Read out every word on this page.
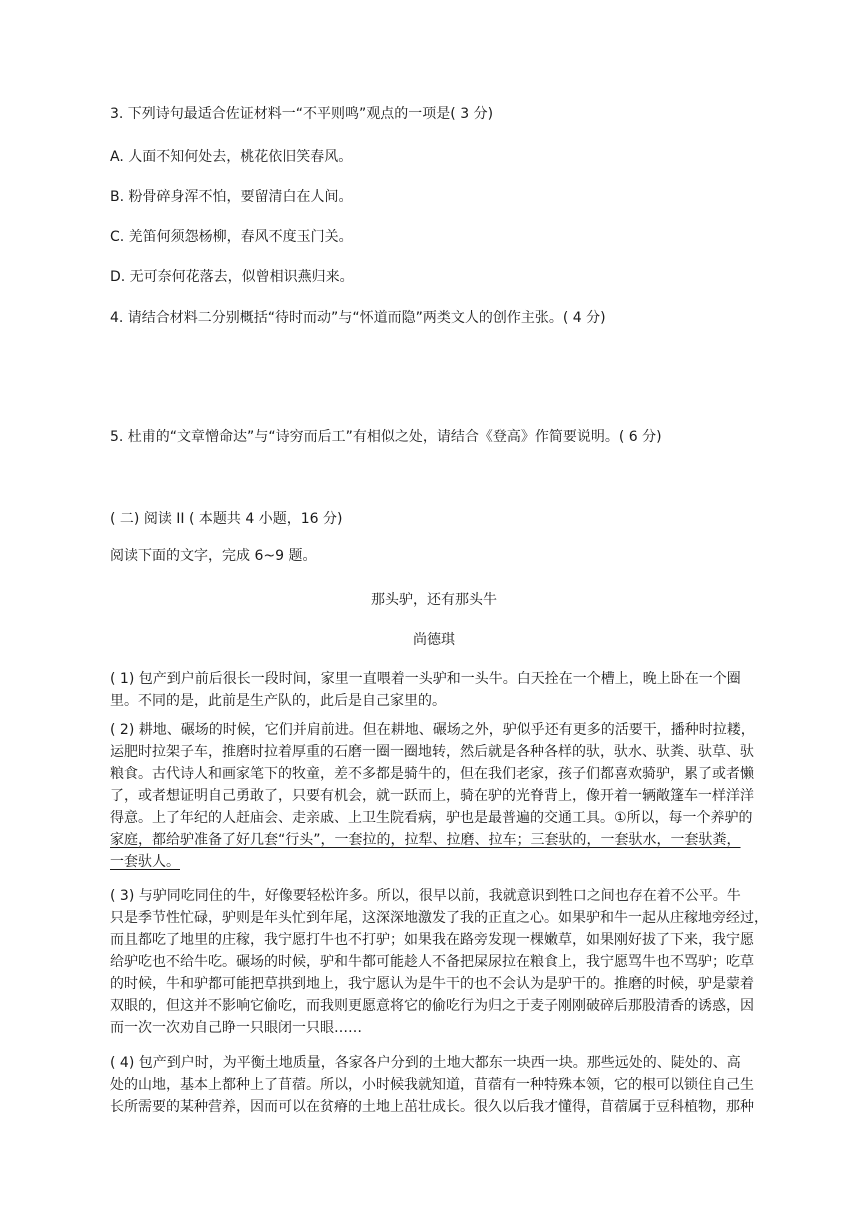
3. 下列诗句最适合佐证材料一“不平则鸣”观点的一项是( 3 分)
A. 人面不知何处去，桃花依旧笑春风。
B. 粉骨碎身浑不怕，要留清白在人间。
C. 羌笛何须怨杨柳，春风不度玉门关。
D. 无可奈何花落去，似曾相识燕归来。
4. 请结合材料二分别概括“待时而动”与“怀道而隐”两类文人的创作主张。( 4 分)
5. 杜甫的“文章憎命达”与“诗穷而后工”有相似之处，请结合《登高》作简要说明。( 6 分)
( 二) 阅读 II ( 本题共 4 小题，16 分)
阅读下面的文字，完成 6~9 题。
那头驴，还有那头牛
尚德琪
( 1) 包产到户前后很长一段时间，家里一直喂着一头驴和一头牛。白天拴在一个槽上，晚上卧在一个圈
里。不同的是，此前是生产队的，此后是自己家里的。
( 2) 耕地、碾场的时候，它们并肩前进。但在耕地、碾场之外，驴似乎还有更多的活要干，播种时拉耧，
运肥时拉架子车，推磨时拉着厚重的石磨一圈一圈地转，然后就是各种各样的驮，驮水、驮粪、驮草、驮
粮食。古代诗人和画家笔下的牧童，差不多都是骑牛的，但在我们老家，孩子们都喜欢骑驴，累了或者懒
了，或者想证明自己勇敢了，只要有机会，就一跃而上，骑在驴的光脊背上，像开着一辆敞篷车一样洋洋
得意。上了年纪的人赶庙会、走亲戚、上卫生院看病，驴也是最普遍的交通工具。①所以，每一个养驴的
家庭，都给驴准备了好几套“行头”，一套拉的，拉犁、拉磨、拉车；三套驮的，一套驮水，一套驮粪，
一套驮人。
( 3) 与驴同吃同住的牛，好像要轻松许多。所以，很早以前，我就意识到牲口之间也存在着不公平。牛
只是季节性忙碌，驴则是年头忙到年尾，这深深地激发了我的正直之心。如果驴和牛一起从庄稼地旁经过，
而且都吃了地里的庄稼，我宁愿打牛也不打驴；如果我在路旁发现一棵嫩草，如果刚好拔了下来，我宁愿
给驴吃也不给牛吃。碾场的时候，驴和牛都可能趁人不备把屎尿拉在粮食上，我宁愿骂牛也不骂驴；吃草
的时候，牛和驴都可能把草拱到地上，我宁愿认为是牛干的也不会认为是驴干的。推磨的时候，驴是蒙着
双眼的，但这并不影响它偷吃，而我则更愿意将它的偷吃行为归之于麦子刚刚破碎后那股清香的诱惑，因
而一次一次劝自己睁一只眼闭一只眼……
( 4) 包产到户时，为平衡土地质量，各家各户分到的土地大都东一块西一块。那些远处的、陡处的、高
处的山地，基本上都种上了苜蓿。所以，小时候我就知道，苜蓿有一种特殊本领，它的根可以锁住自己生
长所需要的某种营养，因而可以在贫瘠的土地上茁壮成长。很久以后我才懂得，苜蓿属于豆科植物，那种
